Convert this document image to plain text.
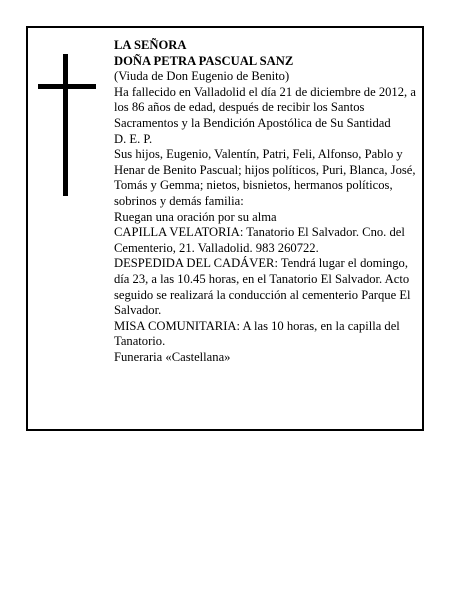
LA SEÑORA

DOÑA PETRA PASCUAL SANZ

(Viuda de Don Eugenio de Benito)

Ha fallecido en Valladolid el día 21 de diciembre de 2012, a los 86 años de edad, después de recibir los Santos Sacramentos y la Bendición Apostólica de Su Santidad

D. E. P.

Sus hijos, Eugenio, Valentín, Patri, Feli, Alfonso, Pablo y Henar de Benito Pascual; hijos políticos, Puri, Blanca, José, Tomás y Gemma; nietos, bisnietos, hermanos políticos, sobrinos y demás familia:

Ruegan una oración por su alma

CAPILLA VELATORIA: Tanatorio El Salvador. Cno. del Cementerio, 21. Valladolid. 983 260722.

DESPEDIDA DEL CADÁVER: Tendrá lugar el domingo, día 23, a las 10.45 horas, en el Tanatorio El Salvador. Acto seguido se realizará la conducción al cementerio Parque El Salvador.

MISA COMUNITARIA: A las 10 horas, en la capilla del Tanatorio.

Funeraria «Castellana»
